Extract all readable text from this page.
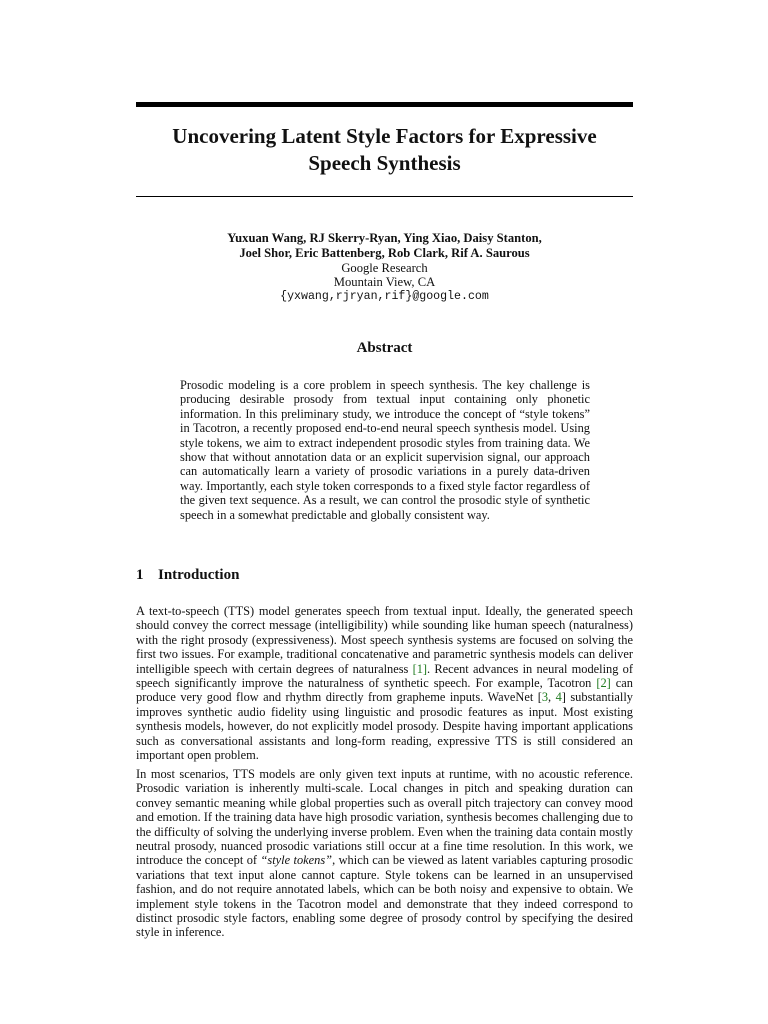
Uncovering Latent Style Factors for Expressive
Speech Synthesis
Yuxuan Wang, RJ Skerry-Ryan, Ying Xiao, Daisy Stanton,
Joel Shor, Eric Battenberg, Rob Clark, Rif A. Saurous
Google Research
Mountain View, CA
{yxwang,rjryan,rif}@google.com
Abstract
Prosodic modeling is a core problem in speech synthesis. The key challenge is producing desirable prosody from textual input containing only phonetic information. In this preliminary study, we introduce the concept of “style tokens” in Tacotron, a recently proposed end-to-end neural speech synthesis model. Using style tokens, we aim to extract independent prosodic styles from training data. We show that without annotation data or an explicit supervision signal, our approach can automatically learn a variety of prosodic variations in a purely data-driven way. Importantly, each style token corresponds to a fixed style factor regardless of the given text sequence. As a result, we can control the prosodic style of synthetic speech in a somewhat predictable and globally consistent way.
1 Introduction
A text-to-speech (TTS) model generates speech from textual input. Ideally, the generated speech should convey the correct message (intelligibility) while sounding like human speech (naturalness) with the right prosody (expressiveness). Most speech synthesis systems are focused on solving the first two issues. For example, traditional concatenative and parametric synthesis models can deliver intelligible speech with certain degrees of naturalness [1]. Recent advances in neural modeling of speech significantly improve the naturalness of synthetic speech. For example, Tacotron [2] can produce very good flow and rhythm directly from grapheme inputs. WaveNet [3, 4] substantially improves synthetic audio fidelity using linguistic and prosodic features as input. Most existing synthesis models, however, do not explicitly model prosody. Despite having important applications such as conversational assistants and long-form reading, expressive TTS is still considered an important open problem.
In most scenarios, TTS models are only given text inputs at runtime, with no acoustic reference. Prosodic variation is inherently multi-scale. Local changes in pitch and speaking duration can convey semantic meaning while global properties such as overall pitch trajectory can convey mood and emotion. If the training data have high prosodic variation, synthesis becomes challenging due to the difficulty of solving the underlying inverse problem. Even when the training data contain mostly neutral prosody, nuanced prosodic variations still occur at a fine time resolution. In this work, we introduce the concept of “style tokens”, which can be viewed as latent variables capturing prosodic variations that text input alone cannot capture. Style tokens can be learned in an unsupervised fashion, and do not require annotated labels, which can be both noisy and expensive to obtain. We implement style tokens in the Tacotron model and demonstrate that they indeed correspond to distinct prosodic style factors, enabling some degree of prosody control by specifying the desired style in inference.
